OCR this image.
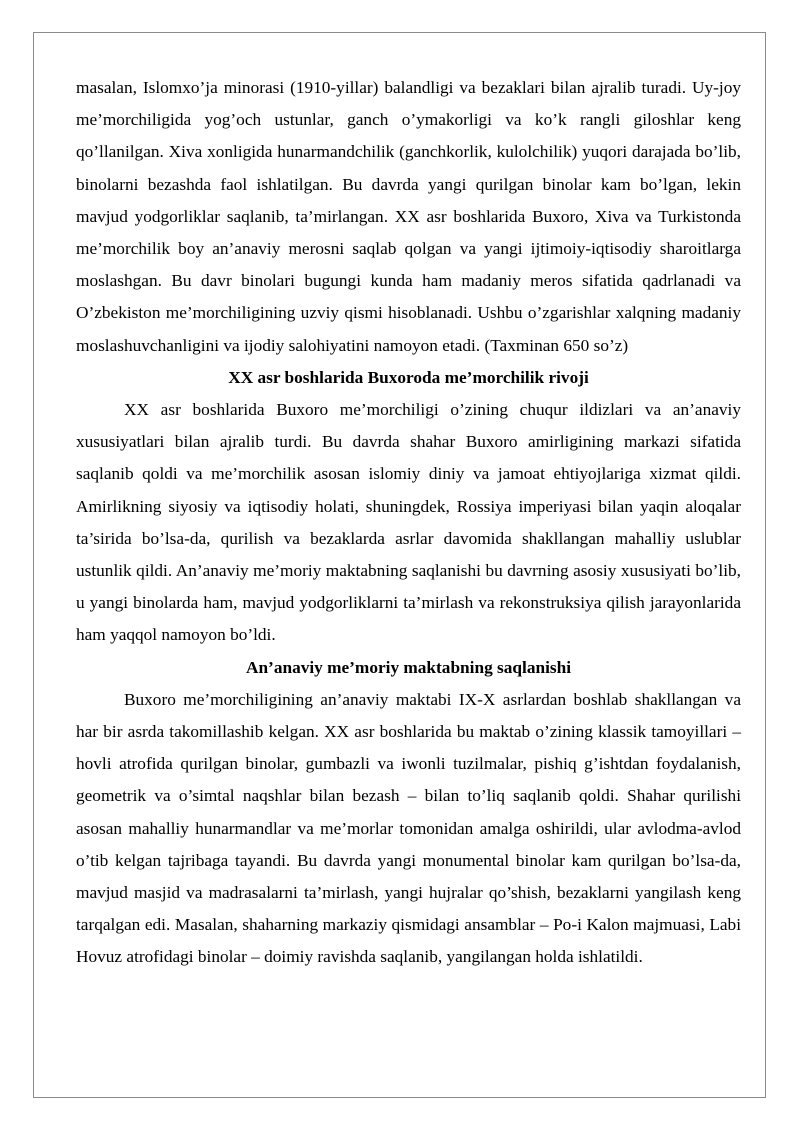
masalan, Islomxo’ja minorasi (1910-yillar) balandligi va bezaklari bilan ajralib turadi. Uy-joy me’morchiligida yog’och ustunlar, ganch o’ymakorligi va ko’k rangli giloshlar keng qo’llanilgan. Xiva xonligida hunarmandchilik (ganchkorlik, kulolchilik) yuqori darajada bo’lib, binolarni bezashda faol ishlatilgan. Bu davrda yangi qurilgan binolar kam bo’lgan, lekin mavjud yodgorliklar saqlanib, ta’mirlangan. XX asr boshlarida Buxoro, Xiva va Turkistonda me’morchilik boy an’anaviy merosni saqlab qolgan va yangi ijtimoiy-iqtisodiy sharoitlarga moslashgan. Bu davr binolari bugungi kunda ham madaniy meros sifatida qadrlanadi va O’zbekiston me’morchiligining uzviy qismi hisoblanadi. Ushbu o’zgarishlar xalqning madaniy moslashuvchanligini va ijodiy salohiyatini namoyon etadi. (Taxminan 650 so’z)

XX asr boshlarida Buxoroda me’morchilik rivoji

XX asr boshlarida Buxoro me’morchiligi o’zining chuqur ildizlari va an’anaviy xususiyatlari bilan ajralib turdi. Bu davrda shahar Buxoro amirligining markazi sifatida saqlanib qoldi va me’morchilik asosan islomiy diniy va jamoat ehtiyojlariga xizmat qildi. Amirlikning siyosiy va iqtisodiy holati, shuningdek, Rossiya imperiyasi bilan yaqin aloqalar ta’sirida bo’lsa-da, qurilish va bezaklarda asrlar davomida shakllangan mahalliy uslublar ustunlik qildi. An’anaviy me’moriy maktabning saqlanishi bu davrning asosiy xususiyati bo’lib, u yangi binolarda ham, mavjud yodgorliklarni ta’mirlash va rekonstruksiya qilish jarayonlarida ham yaqqol namoyon bo’ldi.

An’anaviy me’moriy maktabning saqlanishi

Buxoro me’morchiligining an’anaviy maktabi IX-X asrlardan boshlab shakllangan va har bir asrda takomillashib kelgan. XX asr boshlarida bu maktab o’zining klassik tamoyillari – hovli atrofida qurilgan binolar, gumbazli va iwonli tuzilmalar, pishiq g’ishtdan foydalanish, geometrik va o’simtal naqshlar bilan bezash – bilan to’liq saqlanib qoldi. Shahar qurilishi asosan mahalliy hunarmandlar va me’morlar tomonidan amalga oshirildi, ular avlodma-avlod o’tib kelgan tajribaga tayandi. Bu davrda yangi monumental binolar kam qurilgan bo’lsa-da, mavjud masjid va madrasalarni ta’mirlash, yangi hujralar qo’shish, bezaklarni yangilash keng tarqalgan edi. Masalan, shaharning markaziy qismidagi ansamblar – Po-i Kalon majmuasi, Labi Hovuz atrofidagi binolar – doimiy ravishda saqlanib, yangilangan holda ishlatildi.
